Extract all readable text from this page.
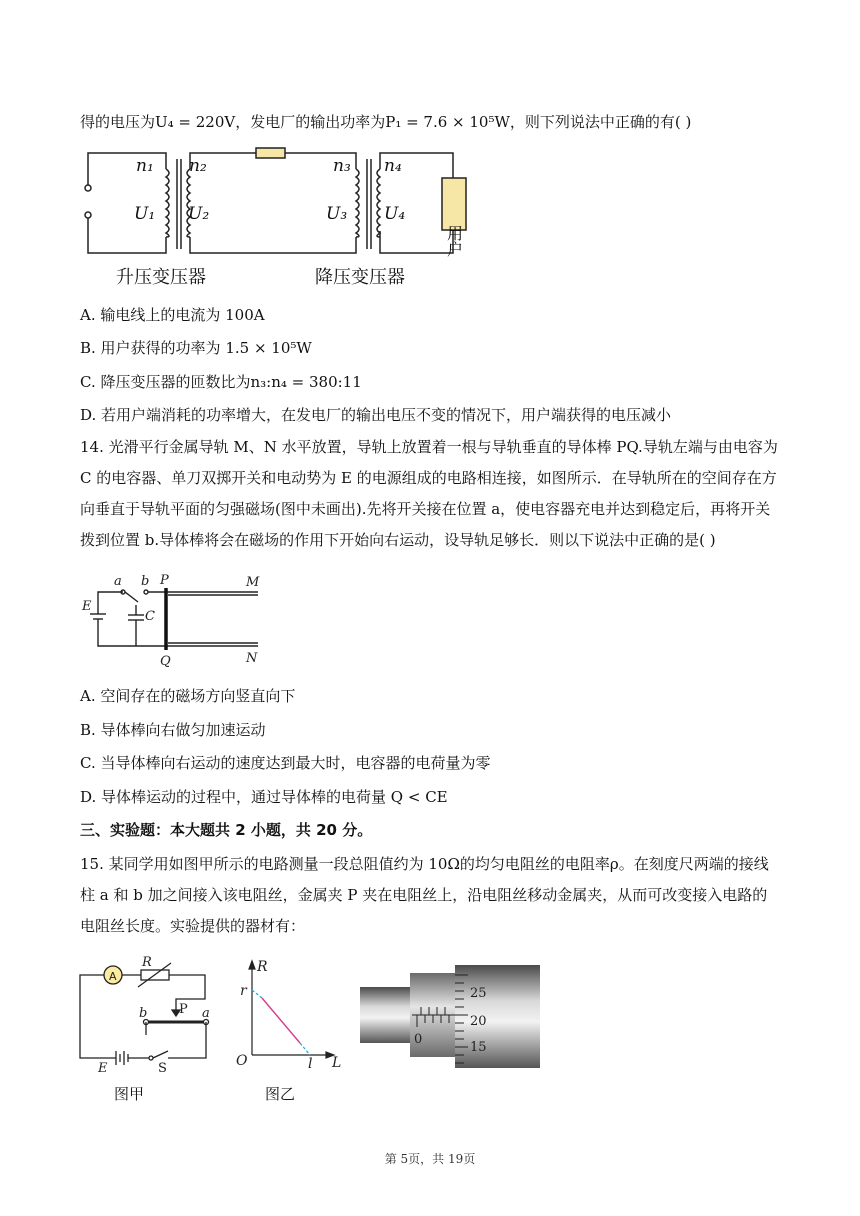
得的电压为U₄ = 220V，发电厂的输出功率为P₁ = 7.6 × 10⁵W，则下列说法中正确的有( )
n₁
U₁
n₂
U₂
n₃
U₃
n₄
U₄
用户
升压变压器	降压变压器
A. 输电线上的电流为 100A
B. 用户获得的功率为 1.5 × 10⁵W
C. 降压变压器的匝数比为n₃:n₄ = 380:11
D. 若用户端消耗的功率增大，在发电厂的输出电压不变的情况下，用户端获得的电压减小
14. 光滑平行金属导轨 M、N 水平放置，导轨上放置着一根与导轨垂直的导体棒 PQ.导轨左端与由电容为 C 的电容器、单刀双掷开关和电动势为 E 的电源组成的电路相连接，如图所示．在导轨所在的空间存在方向垂直于导轨平面的匀强磁场(图中未画出).先将开关接在位置 a，使电容器充电并达到稳定后，再将开关拨到位置 b.导体棒将会在磁场的作用下开始向右运动，设导轨足够长．则以下说法中正确的是( )
E
a b
C
P
Q
M
N
A. 空间存在的磁场方向竖直向下
B. 导体棒向右做匀加速运动
C. 当导体棒向右运动的速度达到最大时，电容器的电荷量为零
D. 导体棒运动的过程中，通过导体棒的电荷量 Q < CE
三、实验题：本大题共 2 小题，共 20 分。
15. 某同学用如图甲所示的电路测量一段总阻值约为 10Ω的均匀电阻丝的电阻率ρ。在刻度尺两端的接线柱 a 和 b 加之间接入该电阻丝，金属夹 P 夹在电阻丝上，沿电阻丝移动金属夹，从而可改变接入电路的电阻丝长度。实验提供的器材有：
A
R
P
b	a
E	S
图甲
R
r
O	l L
图乙
25
20
15
0
第 5页，共 19页
